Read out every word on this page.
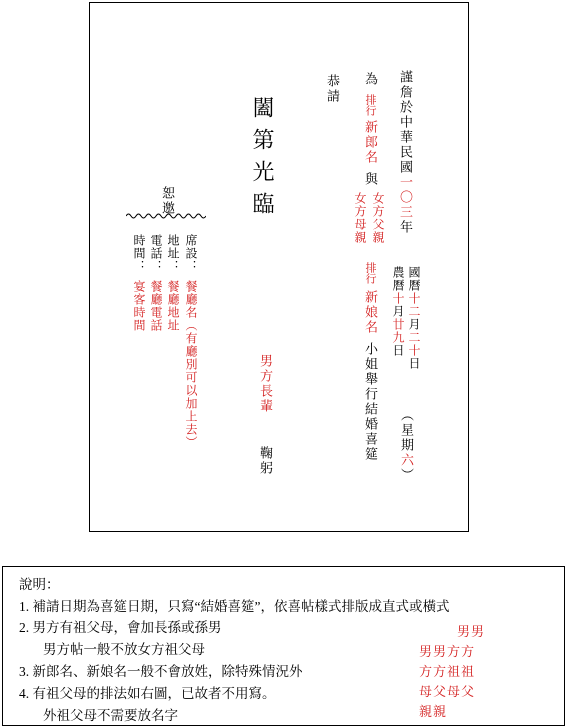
謹詹於中華民國一〇三年
國曆十二月二十日
農曆十月廿九日
（星期六）
為
排行
新郎名
與
女方父親
女方母親
排行
新娘名
小姐舉行結婚喜筵
恭請
闔第光臨
男方長輩
鞠躬
恕邀
席設：
地址：
電話：
時間：
餐廳名（有廳別可以加上去）
餐廳地址
餐廳電話
宴客時間
說明：
1. 補請日期為喜筵日期，只寫“結婚喜筵”，依喜帖樣式排版成直式或橫式
2. 男方有祖父母，會加長孫或孫男
男方帖一般不放女方祖父母
3. 新郎名、新娘名一般不會放姓，除特殊情況外
4. 有祖父母的排法如右圖，已故者不用寫。
外祖父母不需要放名字
男男
男男方方
方方祖祖
母父母父
親親
